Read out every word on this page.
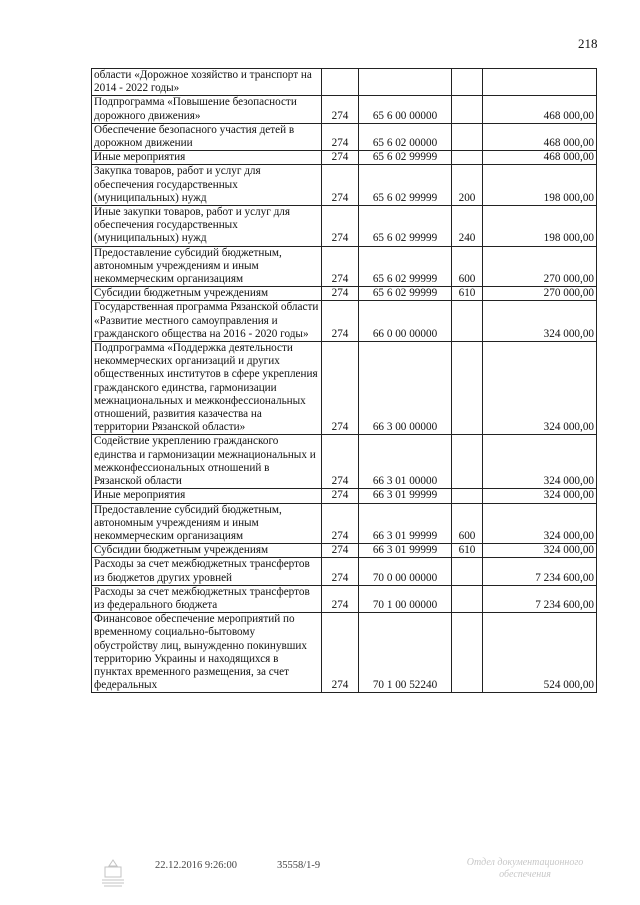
218
области «Дорожное хозяйство и транспорт на 2014 - 2022 годы»				
Подпрограмма «Повышение безопасности дорожного движения»	274	65 6 00 00000		468 000,00
Обеспечение безопасного участия детей в дорожном движении	274	65 6 02 00000		468 000,00
Иные мероприятия	274	65 6 02 99999		468 000,00
Закупка товаров, работ и услуг для обеспечения государственных (муниципальных) нужд	274	65 6 02 99999	200	198 000,00
Иные закупки товаров, работ и услуг для обеспечения государственных (муниципальных) нужд	274	65 6 02 99999	240	198 000,00
Предоставление субсидий бюджетным, автономным учреждениям и иным некоммерческим организациям	274	65 6 02 99999	600	270 000,00
Субсидии бюджетным учреждениям	274	65 6 02 99999	610	270 000,00
Государственная программа Рязанской области «Развитие местного самоуправления и гражданского общества на 2016 - 2020 годы»	274	66 0 00 00000		324 000,00
Подпрограмма «Поддержка деятельности некоммерческих организаций и других общественных институтов в сфере укрепления гражданского единства, гармонизации межнациональных и межконфессиональных отношений, развития казачества на территории Рязанской области»	274	66 3 00 00000		324 000,00
Содействие укреплению гражданского единства и гармонизации межнациональных и межконфессиональных отношений в Рязанской области	274	66 3 01 00000		324 000,00
Иные мероприятия	274	66 3 01 99999		324 000,00
Предоставление субсидий бюджетным, автономным учреждениям и иным некоммерческим организациям	274	66 3 01 99999	600	324 000,00
Субсидии бюджетным учреждениям	274	66 3 01 99999	610	324 000,00
Расходы за счет межбюджетных трансфертов из бюджетов других уровней	274	70 0 00 00000		7 234 600,00
Расходы за счет межбюджетных трансфертов из федерального бюджета	274	70 1 00 00000		7 234 600,00
Финансовое обеспечение мероприятий по временному социально-бытовому обустройству лиц, вынужденно покинувших территорию Украины и находящихся в пунктах временного размещения, за счет федеральных	274	70 1 00 52240		524 000,00
22.12.2016 9:26:00	35558/1-9	Отдел документационного обеспечения
